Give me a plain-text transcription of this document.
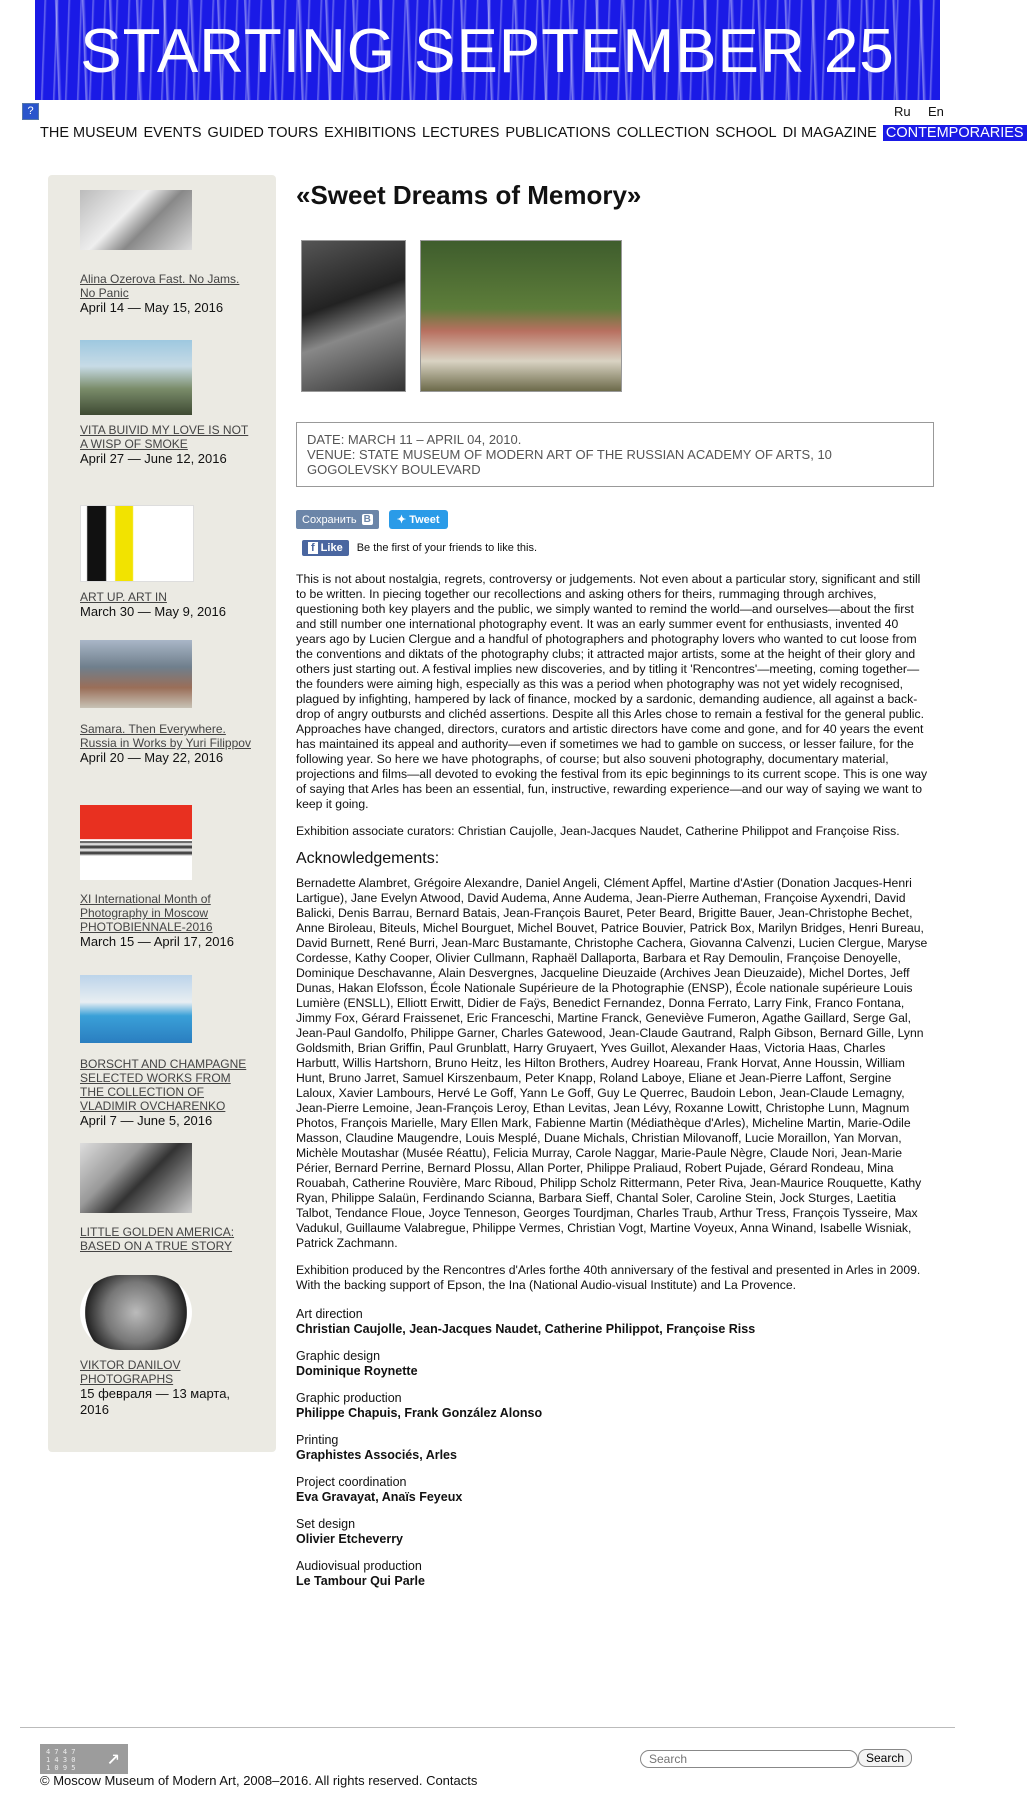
STARTING SEPTEMBER 25
?	Ru En
THE MUSEUM EVENTS GUIDED TOURS EXHIBITIONS LECTURES PUBLICATIONS COLLECTION SCHOOL DI MAGAZINE CONTEMPORARIES
Alina Ozerova Fast. No Jams. No Panic
April 14 — May 15, 2016
VITA BUIVID MY LOVE IS NOT A WISP OF SMOKE
April 27 — June 12, 2016
ART UP. ART IN
March 30 — May 9, 2016
Samara. Then Everywhere. Russia in Works by Yuri Filippov
April 20 — May 22, 2016
XI International Month of Photography in Moscow PHOTOBIENNALE-2016
March 15 — April 17, 2016
BORSCHT AND CHAMPAGNE SELECTED WORKS FROM THE COLLECTION OF VLADIMIR OVCHARENKO
April 7 — June 5, 2016
LITTLE GOLDEN AMERICA: BASED ON A TRUE STORY
VIKTOR DANILOV PHOTOGRAPHS
15 февраля — 13 марта, 2016
«Sweet Dreams of Memory»
DATE: MARCH 11 – APRIL 04, 2010.
VENUE: STATE MUSEUM OF MODERN ART OF THE RUSSIAN ACADEMY OF ARTS, 10 GOGOLEVSKY BOULEVARD
Сохранить В	✦ Tweet
f Like	Be the first of your friends to like this.

This is not about nostalgia, regrets, controversy or judgements. Not even about a particular story, significant and still to be written. In piecing together our recollections and asking others for theirs, rummaging through archives, questioning both key players and the public, we simply wanted to remind the world—and ourselves—about the first and still number one international photography event. It was an early summer event for enthusiasts, invented 40 years ago by Lucien Clergue and a handful of photographers and photography lovers who wanted to cut loose from the conventions and diktats of the photography clubs; it attracted major artists, some at the height of their glory and others just starting out. A festival implies new discoveries, and by titling it 'Rencontres'—meeting, coming together—the founders were aiming high, especially as this was a period when photography was not yet widely recognised, plagued by infighting, hampered by lack of finance, mocked by a sardonic, demanding audience, all against a back- drop of angry outbursts and clichéd assertions. Despite all this Arles chose to remain a festival for the general public. Approaches have changed, directors, curators and artistic directors have come and gone, and for 40 years the event has maintained its appeal and authority—even if sometimes we had to gamble on success, or lesser failure, for the following year. So here we have photographs, of course; but also souveni photography, documentary material, projections and films—all devoted to evoking the festival from its epic beginnings to its current scope. This is one way of saying that Arles has been an essential, fun, instructive, rewarding experience—and our way of saying we want to keep it going.

Exhibition associate curators: Christian Caujolle, Jean-Jacques Naudet, Catherine Philippot and Françoise Riss.

Acknowledgements:

Bernadette Alambret, Grégoire Alexandre, Daniel Angeli, Clément Apffel, Martine d'Astier (Donation Jacques-Henri Lartigue), Jane Evelyn Atwood, David Audema, Anne Audema, Jean-Pierre Autheman, Françoise Ayxendri, David Balicki, Denis Barrau, Bernard Batais, Jean-François Bauret, Peter Beard, Brigitte Bauer, Jean-Christophe Bechet, Anne Biroleau, Biteuls, Michel Bourguet, Michel Bouvet, Patrice Bouvier, Patrick Box, Marilyn Bridges, Henri Bureau, David Burnett, René Burri, Jean-Marc Bustamante, Christophe Cachera, Giovanna Calvenzi, Lucien Clergue, Maryse Cordesse, Kathy Cooper, Olivier Cullmann, Raphaël Dallaporta, Barbara et Ray Demoulin, Françoise Denoyelle, Dominique Deschavanne, Alain Desvergnes, Jacqueline Dieuzaide (Archives Jean Dieuzaide), Michel Dortes, Jeff Dunas, Hakan Elofsson, École Nationale Supérieure de la Photographie (ENSP), École nationale supérieure Louis Lumière (ENSLL), Elliott Erwitt, Didier de Faÿs, Benedict Fernandez, Donna Ferrato, Larry Fink, Franco Fontana, Jimmy Fox, Gérard Fraissenet, Eric Franceschi, Martine Franck, Geneviève Fumeron, Agathe Gaillard, Serge Gal, Jean-Paul Gandolfo, Philippe Garner, Charles Gatewood, Jean-Claude Gautrand, Ralph Gibson, Bernard Gille, Lynn Goldsmith, Brian Griffin, Paul Grunblatt, Harry Gruyaert, Yves Guillot, Alexander Haas, Victoria Haas, Charles Harbutt, Willis Hartshorn, Bruno Heitz, les Hilton Brothers, Audrey Hoareau, Frank Horvat, Anne Houssin, William Hunt, Bruno Jarret, Samuel Kirszenbaum, Peter Knapp, Roland Laboye, Eliane et Jean-Pierre Laffont, Sergine Laloux, Xavier Lambours, Hervé Le Goff, Yann Le Goff, Guy Le Querrec, Baudoin Lebon, Jean-Claude Lemagny, Jean-Pierre Lemoine, Jean-François Leroy, Ethan Levitas, Jean Lévy, Roxanne Lowitt, Christophe Lunn, Magnum Photos, François Marielle, Mary Ellen Mark, Fabienne Martin (Médiathèque d'Arles), Micheline Martin, Marie-Odile Masson, Claudine Maugendre, Louis Mesplé, Duane Michals, Christian Milovanoff, Lucie Moraillon, Yan Morvan, Michèle Moutashar (Musée Réattu), Felicia Murray, Carole Naggar, Marie-Paule Nègre, Claude Nori, Jean-Marie Périer, Bernard Perrine, Bernard Plossu, Allan Porter, Philippe Praliaud, Robert Pujade, Gérard Rondeau, Mina Rouabah, Catherine Rouvière, Marc Riboud, Philipp Scholz Rittermann, Peter Riva, Jean-Maurice Rouquette, Kathy Ryan, Philippe Salaün, Ferdinando Scianna, Barbara Sieff, Chantal Soler, Caroline Stein, Jock Sturges, Laetitia Talbot, Tendance Floue, Joyce Tenneson, Georges Tourdjman, Charles Traub, Arthur Tress, François Tysseire, Max Vadukul, Guillaume Valabregue, Philippe Vermes, Christian Vogt, Martine Voyeux, Anna Winand, Isabelle Wisniak, Patrick Zachmann.

Exhibition produced by the Rencontres d'Arles forthe 40th anniversary of the festival and presented in Arles in 2009.
With the backing support of Epson, the Ina (National Audio-visual Institute) and La Provence.

Art direction
Christian Caujolle, Jean-Jacques Naudet, Catherine Philippot, Françoise Riss
Graphic design
Dominique Roynette
Graphic production
Philippe Chapuis, Frank González Alonso
Printing
Graphistes Associés, Arles
Project coordination
Eva Gravayat, Anaïs Feyeux
Set design
Olivier Etcheverry
Audiovisual production
Le Tambour Qui Parle
4 7 4 7
1 4 3 0
1 0 9 5 ↗
© Moscow Museum of Modern Art, 2008–2016. All rights reserved. Contacts
Search
Search
